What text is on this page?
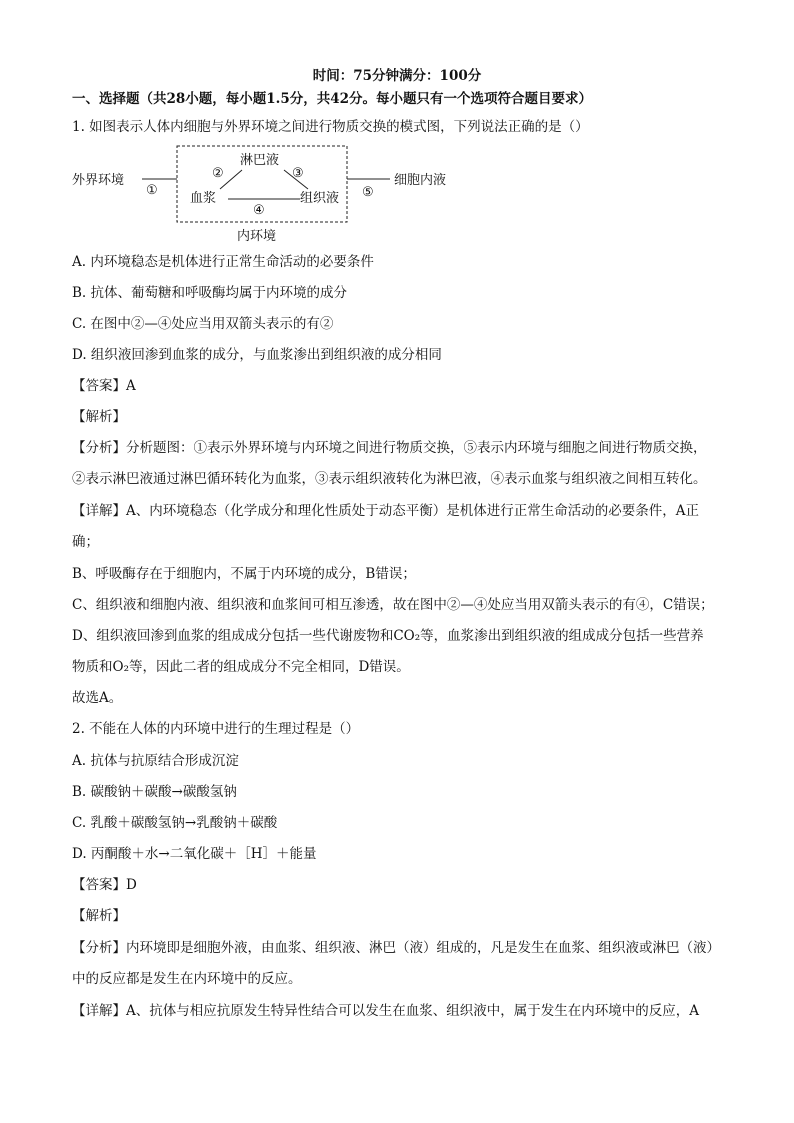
时间：75分钟满分：100分
一、选择题（共28小题，每小题1.5分，共42分。每小题只有一个选项符合题目要求）
1. 如图表示人体内细胞与外界环境之间进行物质交换的模式图，下列说法正确的是（）
外界环境
①
淋巴液
②	③
血浆
④
组织液 ⑤
细胞内液
内环境
A. 内环境稳态是机体进行正常生命活动的必要条件
B. 抗体、葡萄糖和呼吸酶均属于内环境的成分
C. 在图中②—④处应当用双箭头表示的有②
D. 组织液回渗到血浆的成分，与血浆渗出到组织液的成分相同
【答案】A
【解析】
【分析】分析题图：①表示外界环境与内环境之间进行物质交换，⑤表示内环境与细胞之间进行物质交换，
②表示淋巴液通过淋巴循环转化为血浆，③表示组织液转化为淋巴液，④表示血浆与组织液之间相互转化。
【详解】A、内环境稳态（化学成分和理化性质处于动态平衡）是机体进行正常生命活动的必要条件，A正
确；
B、呼吸酶存在于细胞内，不属于内环境的成分，B错误；
C、组织液和细胞内液、组织液和血浆间可相互渗透，故在图中②—④处应当用双箭头表示的有④，C错误；
D、组织液回渗到血浆的组成成分包括一些代谢废物和CO₂等，血浆渗出到组织液的组成成分包括一些营养
物质和O₂等，因此二者的组成成分不完全相同，D错误。
故选A。
2. 不能在人体的内环境中进行的生理过程是（）
A. 抗体与抗原结合形成沉淀
B. 碳酸钠＋碳酸→碳酸氢钠
C. 乳酸＋碳酸氢钠→乳酸钠＋碳酸
D. 丙酮酸＋水→二氧化碳＋［H］＋能量
【答案】D
【解析】
【分析】内环境即是细胞外液，由血浆、组织液、淋巴（液）组成的，凡是发生在血浆、组织液或淋巴（液）
中的反应都是发生在内环境中的反应。
【详解】A、抗体与相应抗原发生特异性结合可以发生在血浆、组织液中，属于发生在内环境中的反应，A
